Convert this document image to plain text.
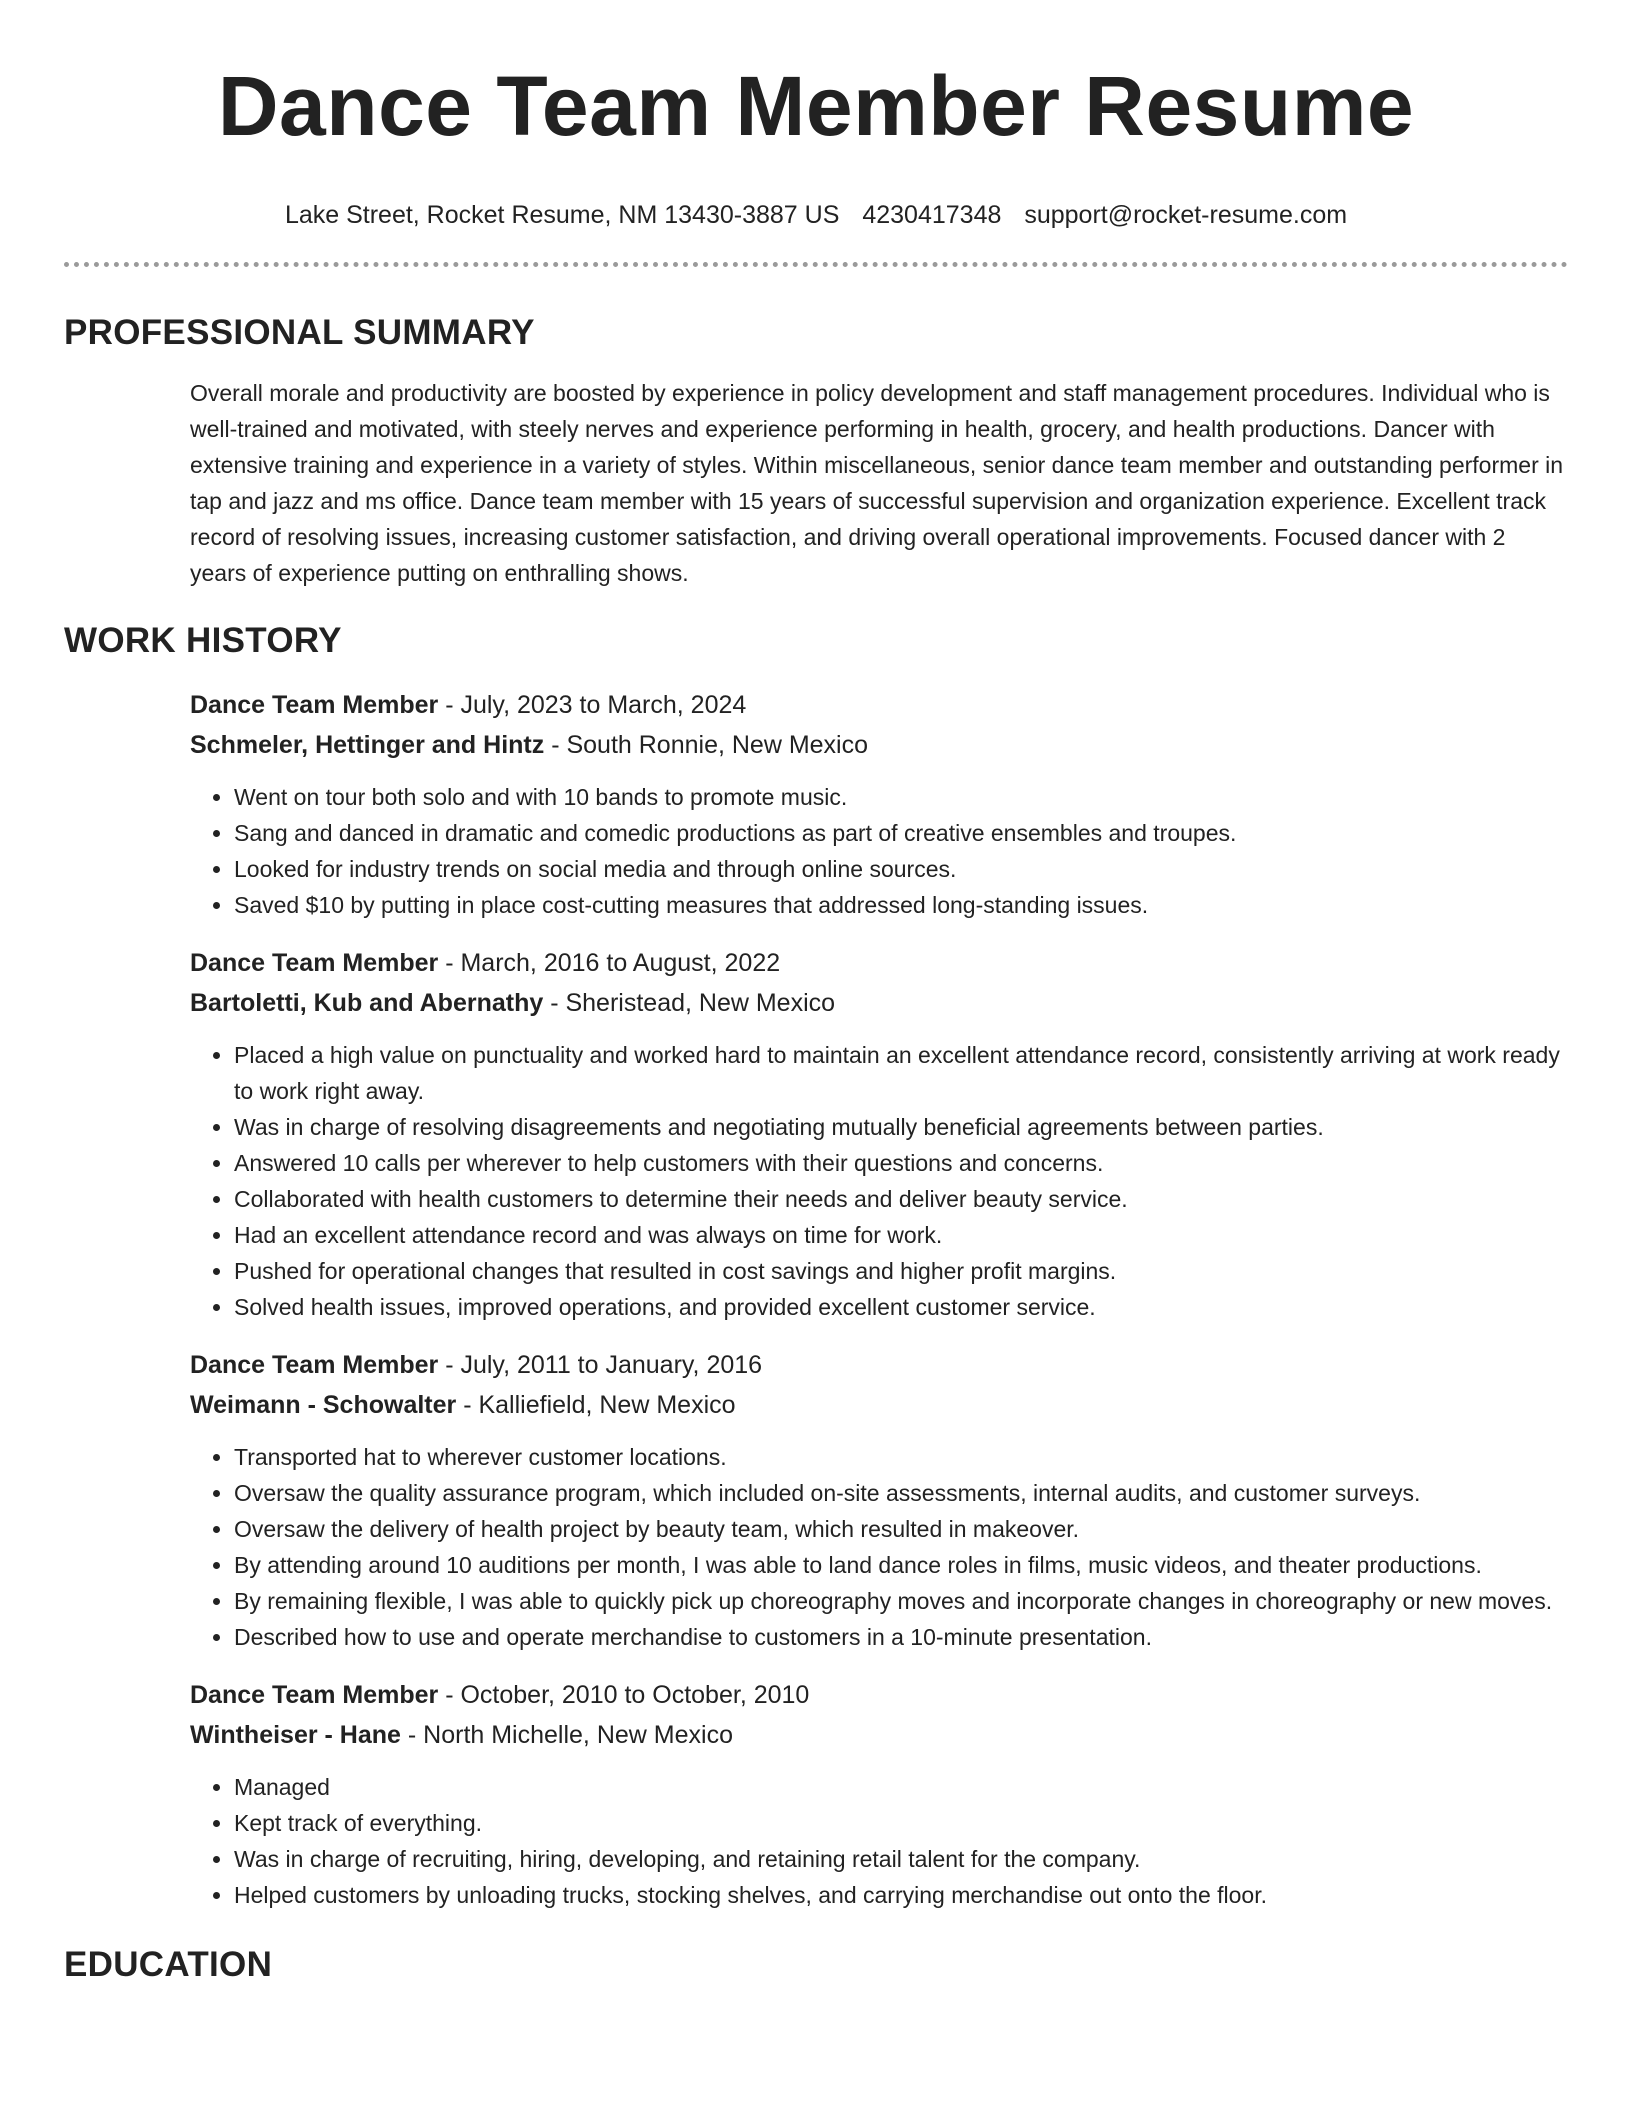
Dance Team Member Resume
Lake Street, Rocket Resume, NM 13430-3887 US 4230417348 support@rocket-resume.com
PROFESSIONAL SUMMARY

Overall morale and productivity are boosted by experience in policy development and staff management procedures. Individual who is well-trained and motivated, with steely nerves and experience performing in health, grocery, and health productions. Dancer with extensive training and experience in a variety of styles. Within miscellaneous, senior dance team member and outstanding performer in tap and jazz and ms office. Dance team member with 15 years of successful supervision and organization experience. Excellent track record of resolving issues, increasing customer satisfaction, and driving overall operational improvements. Focused dancer with 2 years of experience putting on enthralling shows.

WORK HISTORY
Dance Team Member - July, 2023 to March, 2024
Schmeler, Hettinger and Hintz - South Ronnie, New Mexico
• Went on tour both solo and with 10 bands to promote music.
• Sang and danced in dramatic and comedic productions as part of creative ensembles and troupes.
• Looked for industry trends on social media and through online sources.
• Saved $10 by putting in place cost-cutting measures that addressed long-standing issues.
Dance Team Member - March, 2016 to August, 2022
Bartoletti, Kub and Abernathy - Sheristead, New Mexico
• Placed a high value on punctuality and worked hard to maintain an excellent attendance record, consistently arriving at work ready to work right away.
• Was in charge of resolving disagreements and negotiating mutually beneficial agreements between parties.
• Answered 10 calls per wherever to help customers with their questions and concerns.
• Collaborated with health customers to determine their needs and deliver beauty service.
• Had an excellent attendance record and was always on time for work.
• Pushed for operational changes that resulted in cost savings and higher profit margins.
• Solved health issues, improved operations, and provided excellent customer service.
Dance Team Member - July, 2011 to January, 2016
Weimann - Schowalter - Kalliefield, New Mexico
• Transported hat to wherever customer locations.
• Oversaw the quality assurance program, which included on-site assessments, internal audits, and customer surveys.
• Oversaw the delivery of health project by beauty team, which resulted in makeover.
• By attending around 10 auditions per month, I was able to land dance roles in films, music videos, and theater productions.
• By remaining flexible, I was able to quickly pick up choreography moves and incorporate changes in choreography or new moves.
• Described how to use and operate merchandise to customers in a 10-minute presentation.
Dance Team Member - October, 2010 to October, 2010
Wintheiser - Hane - North Michelle, New Mexico
• Managed
• Kept track of everything.
• Was in charge of recruiting, hiring, developing, and retaining retail talent for the company.
• Helped customers by unloading trucks, stocking shelves, and carrying merchandise out onto the floor.
EDUCATION
